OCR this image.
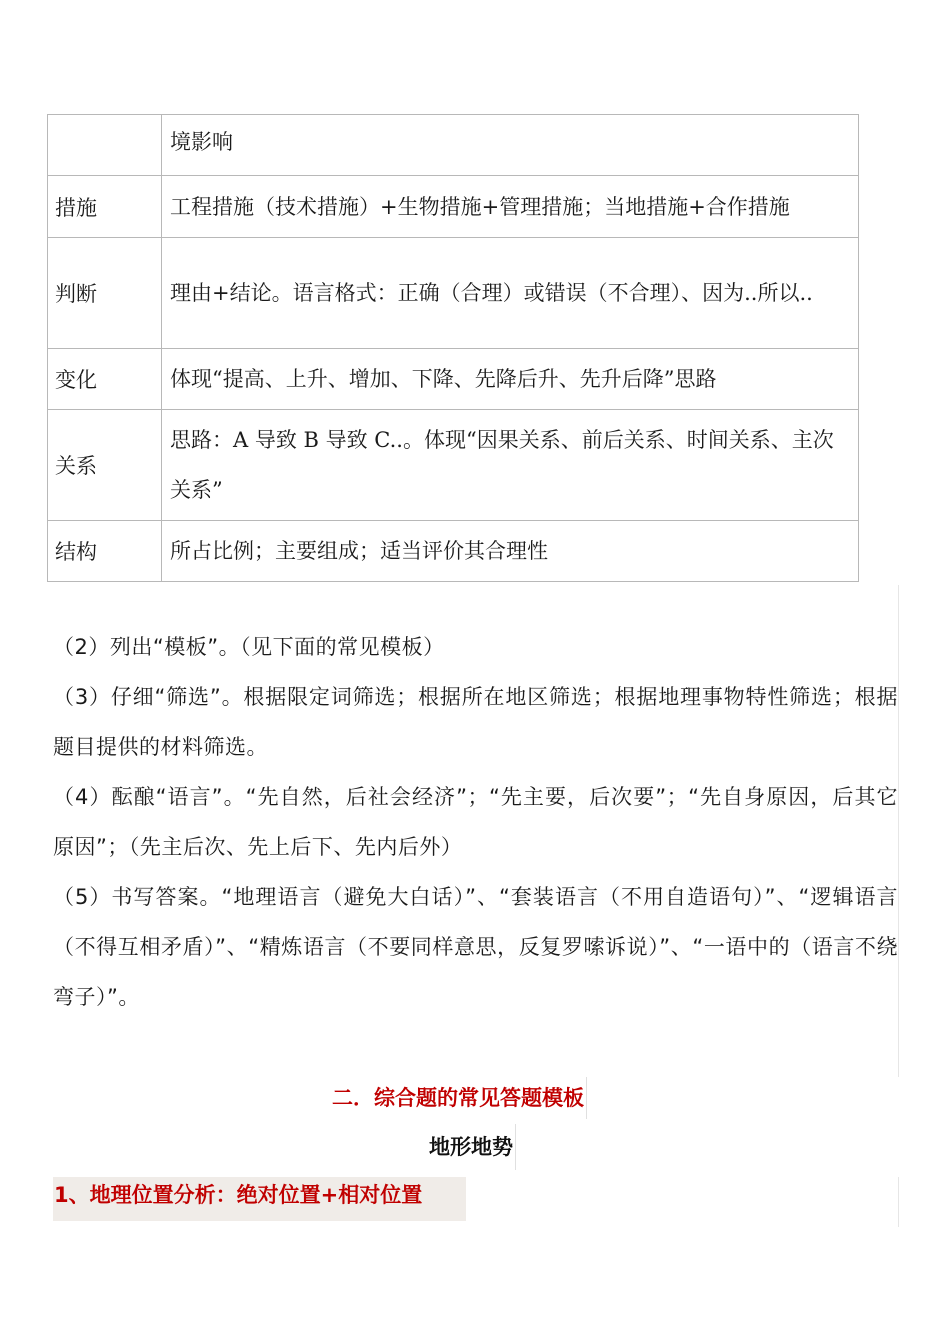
	境影响
措施	工程措施（技术措施）+生物措施+管理措施；当地措施+合作措施
判断	理由+结论。语言格式：正确（合理）或错误（不合理）、因为..所以..
变化	体现“提高、上升、增加、下降、先降后升、先升后降”思路
关系	思路：A 导致 B 导致 C..。体现“因果关系、前后关系、时间关系、主次关系”
结构	所占比例；主要组成；适当评价其合理性

（2）列出“模板”。（见下面的常见模板）

（3）仔细“筛选”。根据限定词筛选；根据所在地区筛选；根据地理事物特性筛选；根据题目提供的材料筛选。

（4）酝酿“语言”。“先自然，后社会经济”；“先主要，后次要”；“先自身原因，后其它原因”；（先主后次、先上后下、先内后外）

（5）书写答案。“地理语言（避免大白话）”、“套装语言（不用自造语句）”、“逻辑语言（不得互相矛盾）”、“精炼语言（不要同样意思，反复罗嗦诉说）”、“一语中的（语言不绕弯子）”。

二．综合题的常见答题模板
地形地势
1、地理位置分析：绝对位置+相对位置
